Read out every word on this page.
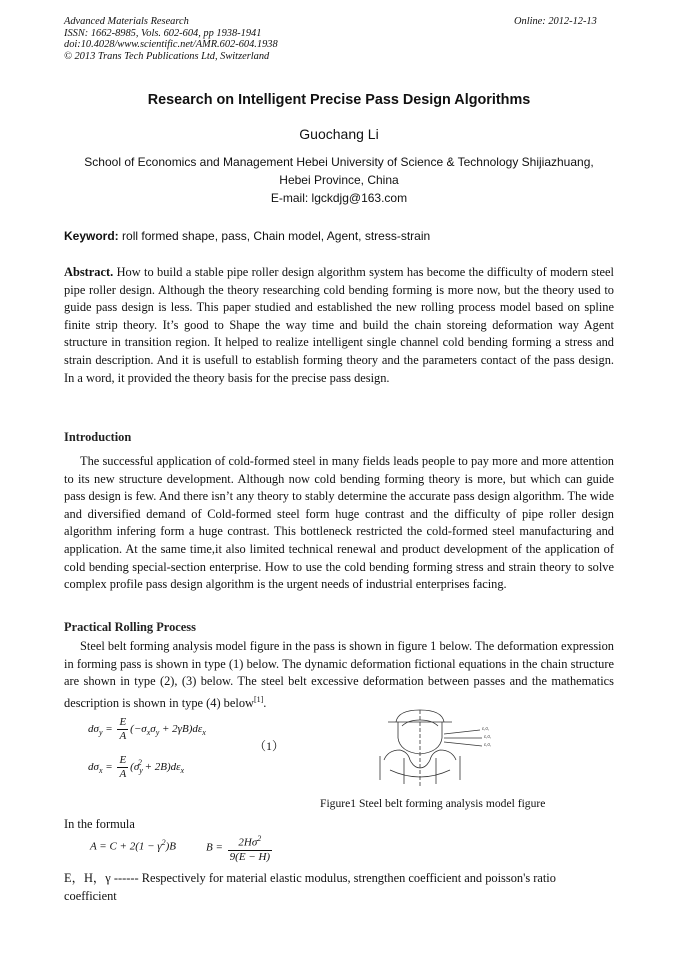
Advanced Materials Research
ISSN: 1662-8985, Vols. 602-604, pp 1938-1941
doi:10.4028/www.scientific.net/AMR.602-604.1938
© 2013 Trans Tech Publications Ltd, Switzerland
Online: 2012-12-13
Research on Intelligent Precise Pass Design Algorithms
Guochang Li
School of Economics and Management Hebei University of Science & Technology Shijiazhuang,
Hebei Province, China
E-mail: lgckdjg@163.com
Keyword: roll formed shape, pass, Chain model, Agent, stress-strain
Abstract. How to build a stable pipe roller design algorithm system has become the difficulty of modern steel pipe roller design. Although the theory researching cold bending forming is more now, but the theory used to guide pass design is less. This paper studied and established the new rolling process model based on spline finite strip theory. It’s good to Shape the way time and build the chain storeing deformation way Agent structure in transition region. It helped to realize intelligent single channel cold bending forming a stress and strain description. And it is usefull to establish forming theory and the parameters contact of the pass design. In a word, it provided the theory basis for the precise pass design.
Introduction
The successful application of cold-formed steel in many fields leads people to pay more and more attention to its new structure development. Although now cold bending forming theory is more, but which can guide pass design is few. And there isn’t any theory to stably determine the accurate pass design algorithm. The wide and diversified demand of Cold-formed steel form huge contrast and the difficulty of pipe roller design algorithm infering form a huge contrast. This bottleneck restricted the cold-formed steel manufacturing and application. At the same time,it also limited technical renewal and product development of the application of cold bending special-section enterprise. How to use the cold bending forming stress and strain theory to solve complex profile pass design algorithm is the urgent needs of industrial enterprises facing.
Practical Rolling Process
Steel belt forming analysis model figure in the pass is shown in figure 1 below. The deformation expression in forming pass is shown in type (1) below. The dynamic deformation fictional equations in the chain structure are shown in type (2), (3) below. The steel belt excessive deformation between passes and the mathematics description is shown in type (4) below[1].
$d\sigma_y = \frac{E}{A} (-\sigma_x\sigma_y + 2\gamma B)d\varepsilon_x$
$d\sigma_x = \frac{E}{A} (\sigma_y^2 + 2B)d\varepsilon_x$
（1）
ε,σ,
ε,σ,
ε,σ,
Figure1 Steel belt forming analysis model figure
In the formula
$A = C + 2(1 - \gamma^2)B$	$B = \frac{2H\sigma^2}{9(E - H)}$
E，H，γ ------ Respectively for material elastic modulus, strengthen coefficient and poisson's ratio
coefficient
